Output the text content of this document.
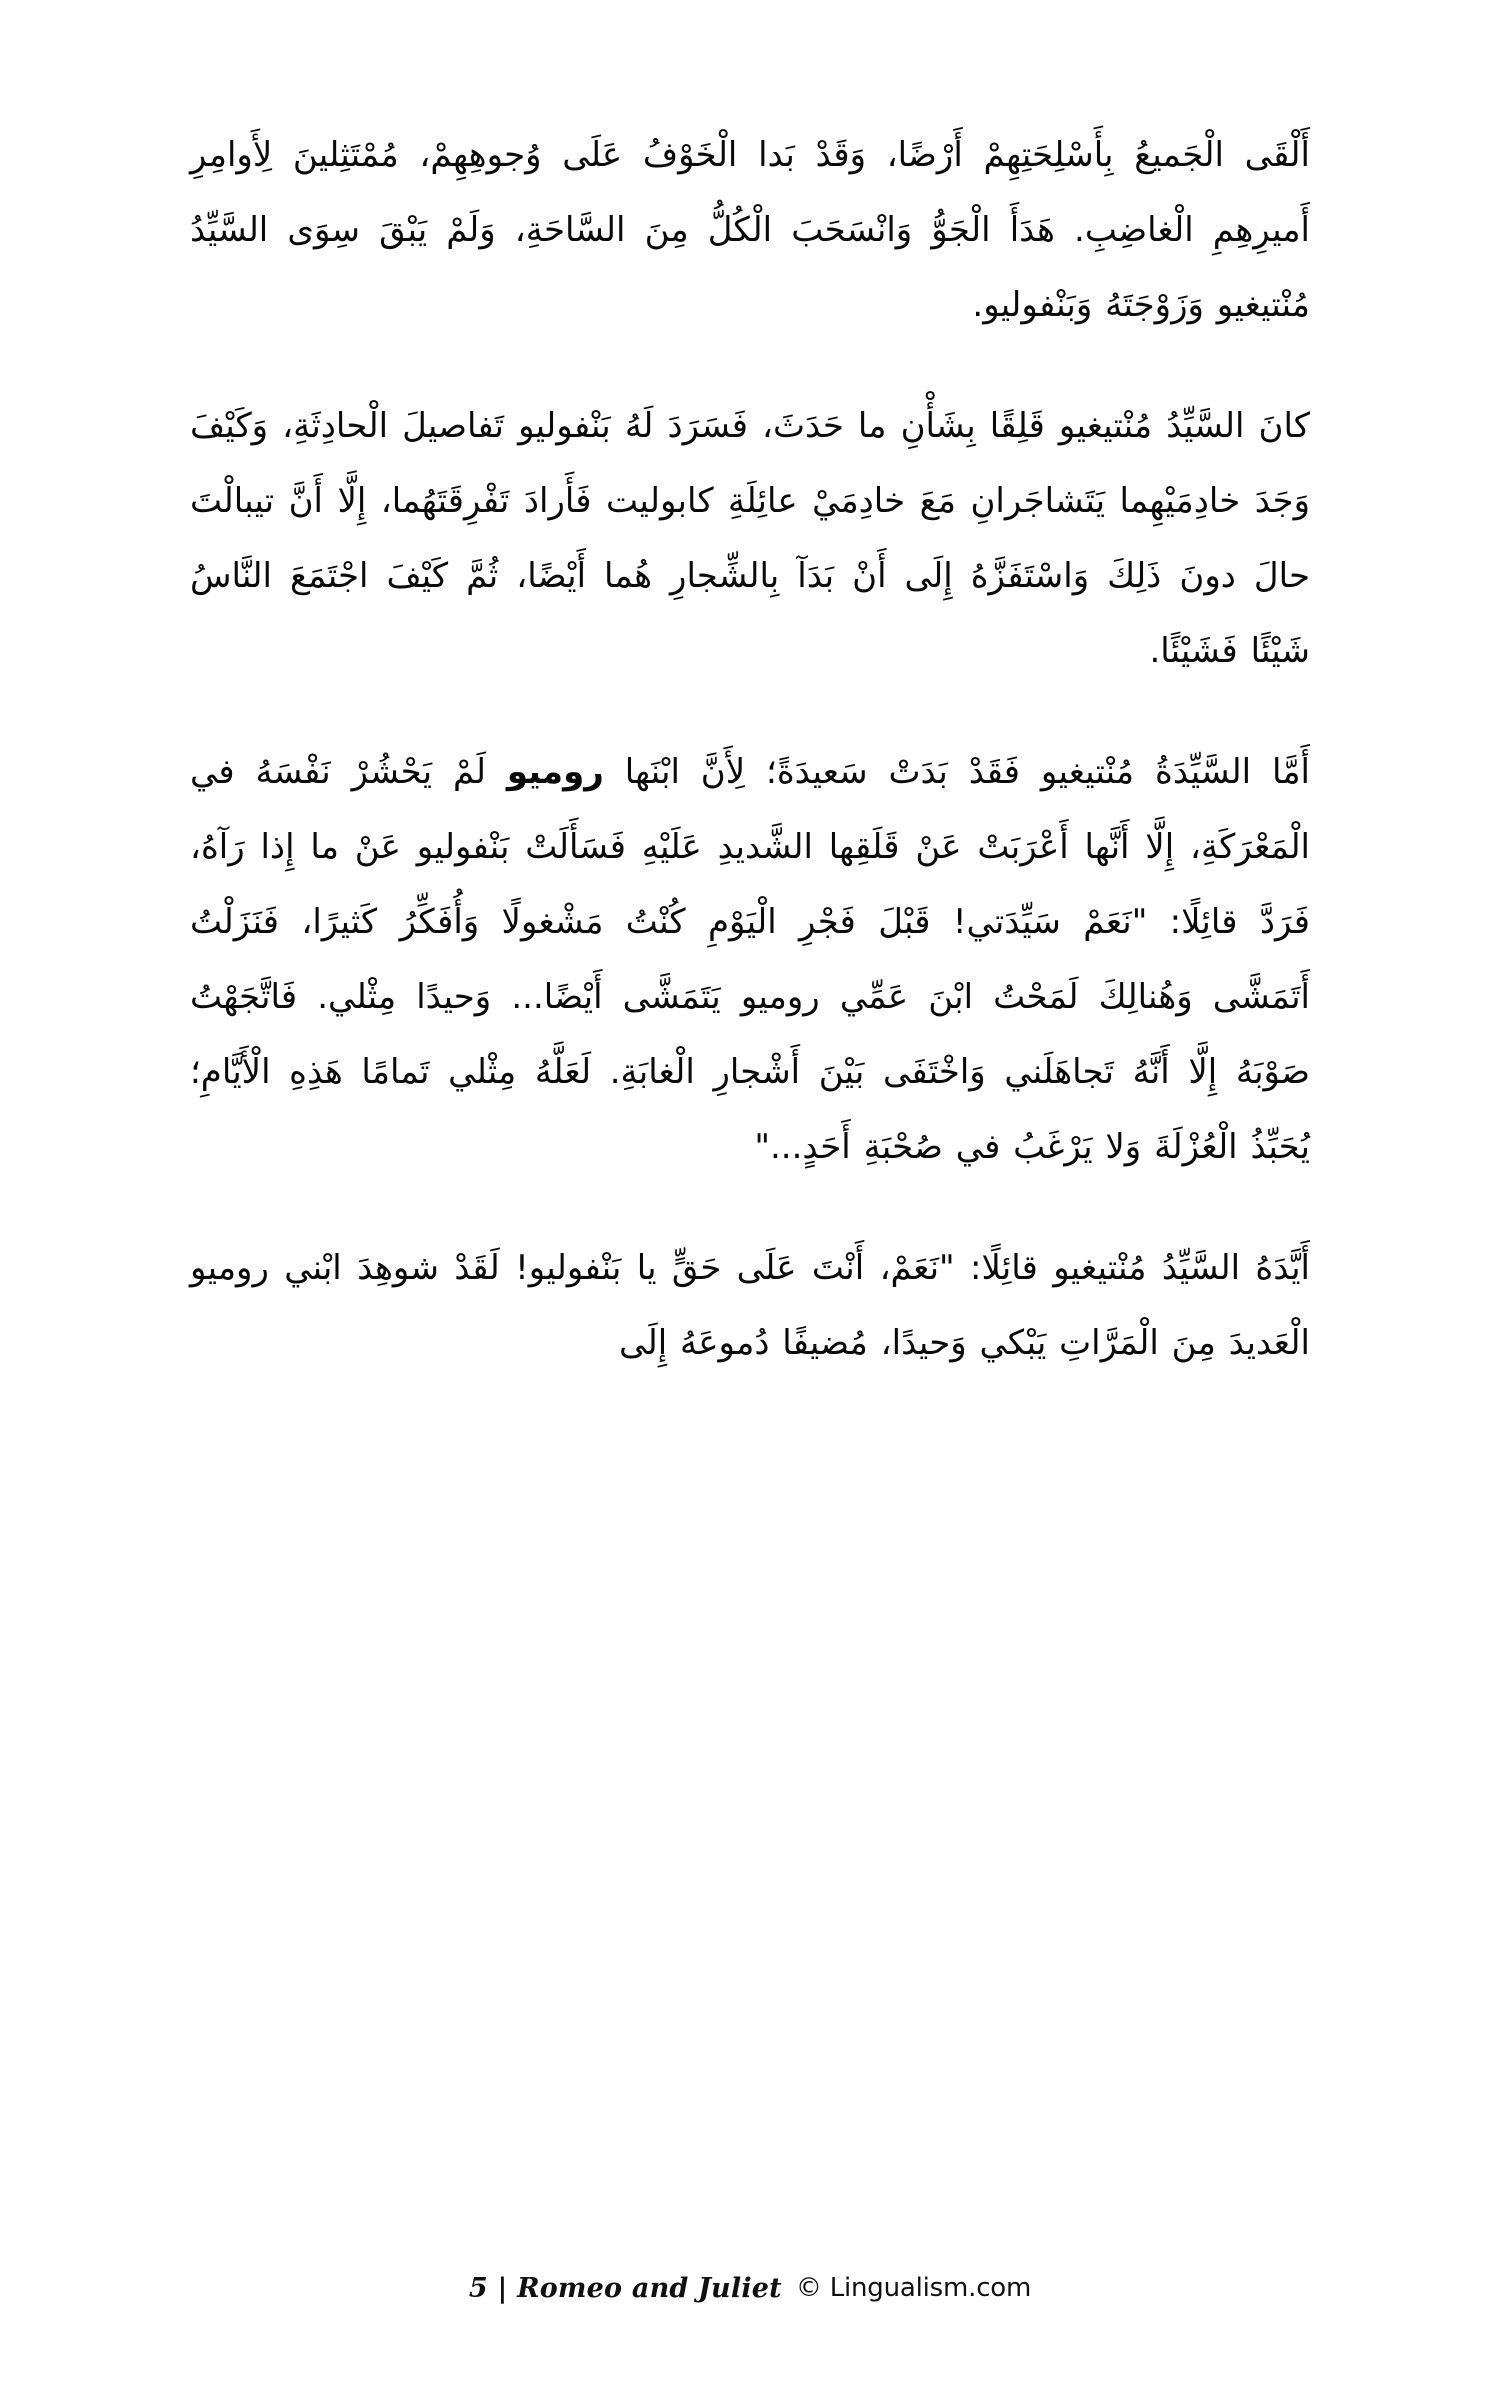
أَلْقَى الْجَميعُ بِأَسْلِحَتِهِمْ أَرْضًا، وَقَدْ بَدا الْخَوْفُ عَلَى وُجوهِهِمْ، مُمْتَثِلينَ لِأَوامِرِ أَميرِهِمِ الْغاضِبِ. هَدَأَ الْجَوُّ وَانْسَحَبَ الْكُلُّ مِنَ السَّاحَةِ، وَلَمْ يَبْقَ سِوَى السَّيِّدُ مُنْتيغيو وَزَوْجَتَهُ وَبَنْفوليو.

كانَ السَّيِّدُ مُنْتيغيو قَلِقًا بِشَأْنِ ما حَدَثَ، فَسَرَدَ لَهُ بَنْفوليو تَفاصيلَ الْحادِثَةِ، وَكَيْفَ وَجَدَ خادِمَيْهِما يَتَشاجَرانِ مَعَ خادِمَيْ عائِلَةِ كابوليت فَأَرادَ تَفْرِقَتَهُما، إِلَّا أَنَّ تيبالْتَ حالَ دونَ ذَلِكَ وَاسْتَفَزَّهُ إِلَى أَنْ بَدَآ بِالشِّجارِ هُما أَيْضًا، ثُمَّ كَيْفَ اجْتَمَعَ النَّاسُ شَيْئًا فَشَيْئًا.

أَمَّا السَّيِّدَةُ مُنْتيغيو فَقَدْ بَدَتْ سَعيدَةً؛ لِأَنَّ ابْنَها روميو لَمْ يَحْشُرْ نَفْسَهُ في الْمَعْرَكَةِ، إِلَّا أَنَّها أَعْرَبَتْ عَنْ قَلَقِها الشَّديدِ عَلَيْهِ فَسَأَلَتْ بَنْفوليو عَنْ ما إِذا رَآهُ، فَرَدَّ قائِلًا: "نَعَمْ سَيِّدَتي! قَبْلَ فَجْرِ الْيَوْمِ كُنْتُ مَشْغولًا وَأُفَكِّرُ كَثيرًا، فَنَزَلْتُ أَتَمَشَّى وَهُنالِكَ لَمَحْتُ ابْنَ عَمِّي روميو يَتَمَشَّى أَيْضًا... وَحيدًا مِثْلي. فَاتَّجَهْتُ صَوْبَهُ إِلَّا أَنَّهُ تَجاهَلَني وَاخْتَفَى بَيْنَ أَشْجارِ الْغابَةِ. لَعَلَّهُ مِثْلي تَمامًا هَذِهِ الْأَيَّامِ؛ يُحَبِّذُ الْعُزْلَةَ وَلا يَرْغَبُ في صُحْبَةِ أَحَدٍ..."

أَيَّدَهُ السَّيِّدُ مُنْتيغيو قائِلًا: "نَعَمْ، أَنْتَ عَلَى حَقٍّ يا بَنْفوليو! لَقَدْ شوهِدَ ابْني روميو الْعَديدَ مِنَ الْمَرَّاتِ يَبْكي وَحيدًا، مُضيفًا دُموعَهُ إِلَى

5 | Romeo and Juliet © Lingualism.com
